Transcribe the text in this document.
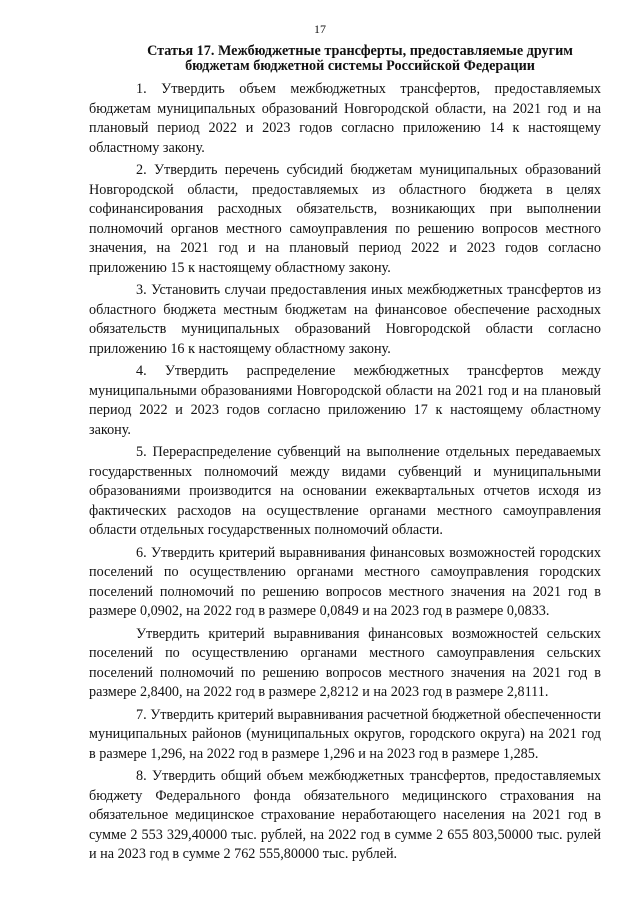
17
Статья 17. Межбюджетные трансферты, предоставляемые другим
бюджетам бюджетной системы Российской Федерации

1. Утвердить объем межбюджетных трансфертов, предоставляемых бюджетам муниципальных образований Новгородской области, на 2021 год и на плановый период 2022 и 2023 годов согласно приложению 14 к настоящему областному закону.

2. Утвердить перечень субсидий бюджетам муниципальных образований Новгородской области, предоставляемых из областного бюджета в целях софинансирования расходных обязательств, возникающих при выполнении полномочий органов местного самоуправления по решению вопросов местного значения, на 2021 год и на плановый период 2022 и 2023 годов согласно приложению 15 к настоящему областному закону.

3. Установить случаи предоставления иных межбюджетных трансфертов из областного бюджета местным бюджетам на финансовое обеспечение расходных обязательств муниципальных образований Новгородской области согласно приложению 16 к настоящему областному закону.

4. Утвердить распределение межбюджетных трансфертов между муниципальными образованиями Новгородской области на 2021 год и на плановый период 2022 и 2023 годов согласно приложению 17 к настоящему областному закону.

5. Перераспределение субвенций на выполнение отдельных передаваемых государственных полномочий между видами субвенций и муниципальными образованиями производится на основании ежеквартальных отчетов исходя из фактических расходов на осуществление органами местного самоуправления области отдельных государственных полномочий области.

6. Утвердить критерий выравнивания финансовых возможностей городских поселений по осуществлению органами местного самоуправления городских поселений полномочий по решению вопросов местного значения на 2021 год в размере 0,0902, на 2022 год в размере 0,0849 и на 2023 год в размере 0,0833.

Утвердить критерий выравнивания финансовых возможностей сельских поселений по осуществлению органами местного самоуправления сельских поселений полномочий по решению вопросов местного значения на 2021 год в размере 2,8400, на 2022 год в размере 2,8212 и на 2023 год в размере 2,8111.

7. Утвердить критерий выравнивания расчетной бюджетной обеспеченности муниципальных районов (муниципальных округов, городского округа) на 2021 год в размере 1,296, на 2022 год в размере 1,296 и на 2023 год в размере 1,285.

8. Утвердить общий объем межбюджетных трансфертов, предоставляемых бюджету Федерального фонда обязательного медицинского страхования на обязательное медицинское страхование неработающего населения на 2021 год в сумме 2 553 329,40000 тыс. рублей, на 2022 год в сумме 2 655 803,50000 тыс. рулей и на 2023 год в сумме 2 762 555,80000 тыс. рублей.
